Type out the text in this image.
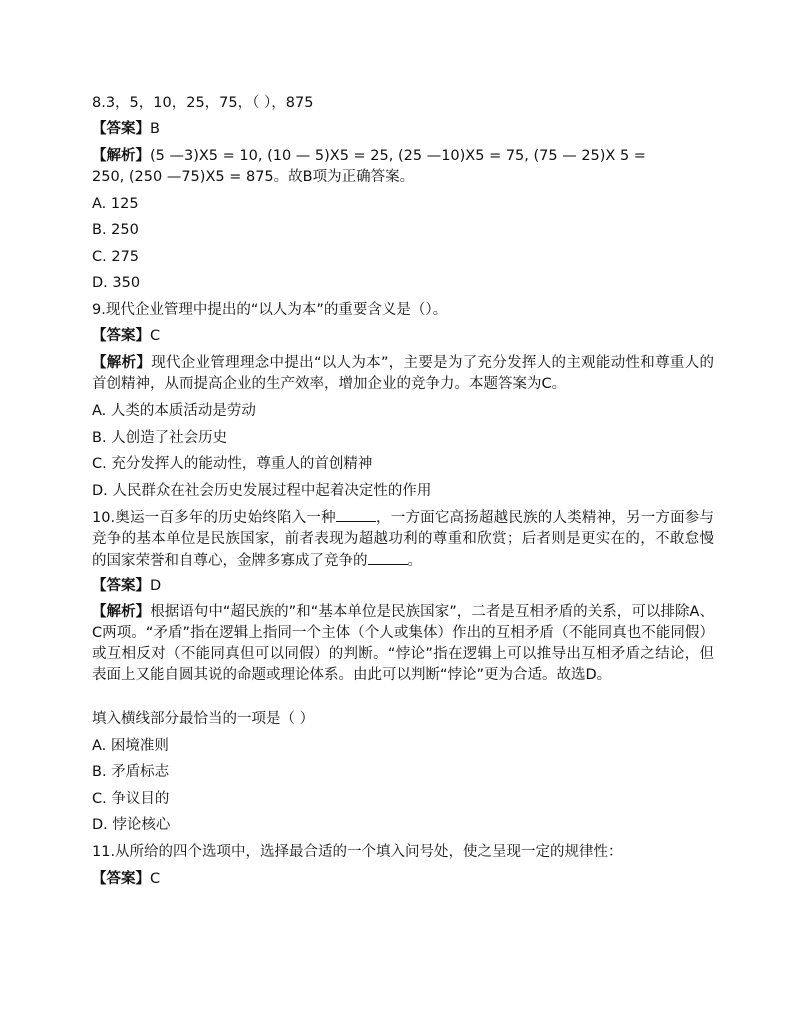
8.3，5，10，25，75，（ ），875
【答案】B
【解析】(5 —3)X5 = 10, (10 — 5)X5 = 25, (25 —10)X5 = 75, (75 — 25)X 5 =
250, (250 —75)X5 = 875。故B项为正确答案。
A. 125
B. 250
C. 275
D. 350
9.现代企业管理中提出的“以人为本”的重要含义是（）。
【答案】C
【解析】现代企业管理理念中提出“以人为本”，主要是为了充分发挥人的主观能动性和尊重人的首创精神，从而提高企业的生产效率，增加企业的竞争力。本题答案为C。
A. 人类的本质活动是劳动
B. 人创造了社会历史
C. 充分发挥人的能动性，尊重人的首创精神
D. 人民群众在社会历史发展过程中起着决定性的作用
10.奥运一百多年的历史始终陷入一种	，一方面它高扬超越民族的人类精神，另一方面参与竞争的基本单位是民族国家，前者表现为超越功利的尊重和欣赏；后者则是更实在的，不敢怠慢的国家荣誉和自尊心，金牌多寡成了竞争的	。
【答案】D
【解析】根据语句中“超民族的”和“基本单位是民族国家”，二者是互相矛盾的关系，可以排除A、C两项。“矛盾”指在逻辑上指同一个主体（个人或集体）作出的互相矛盾（不能同真也不能同假）或互相反对（不能同真但可以同假）的判断。“悖论”指在逻辑上可以推导出互相矛盾之结论，但表面上又能自圆其说的命题或理论体系。由此可以判断“悖论”更为合适。故选D。
填入横线部分最恰当的一项是（ ）
A. 困境准则
B. 矛盾标志
C. 争议目的
D. 悖论核心
11.从所给的四个选项中，选择最合适的一个填入问号处，使之呈现一定的规律性：
【答案】C
